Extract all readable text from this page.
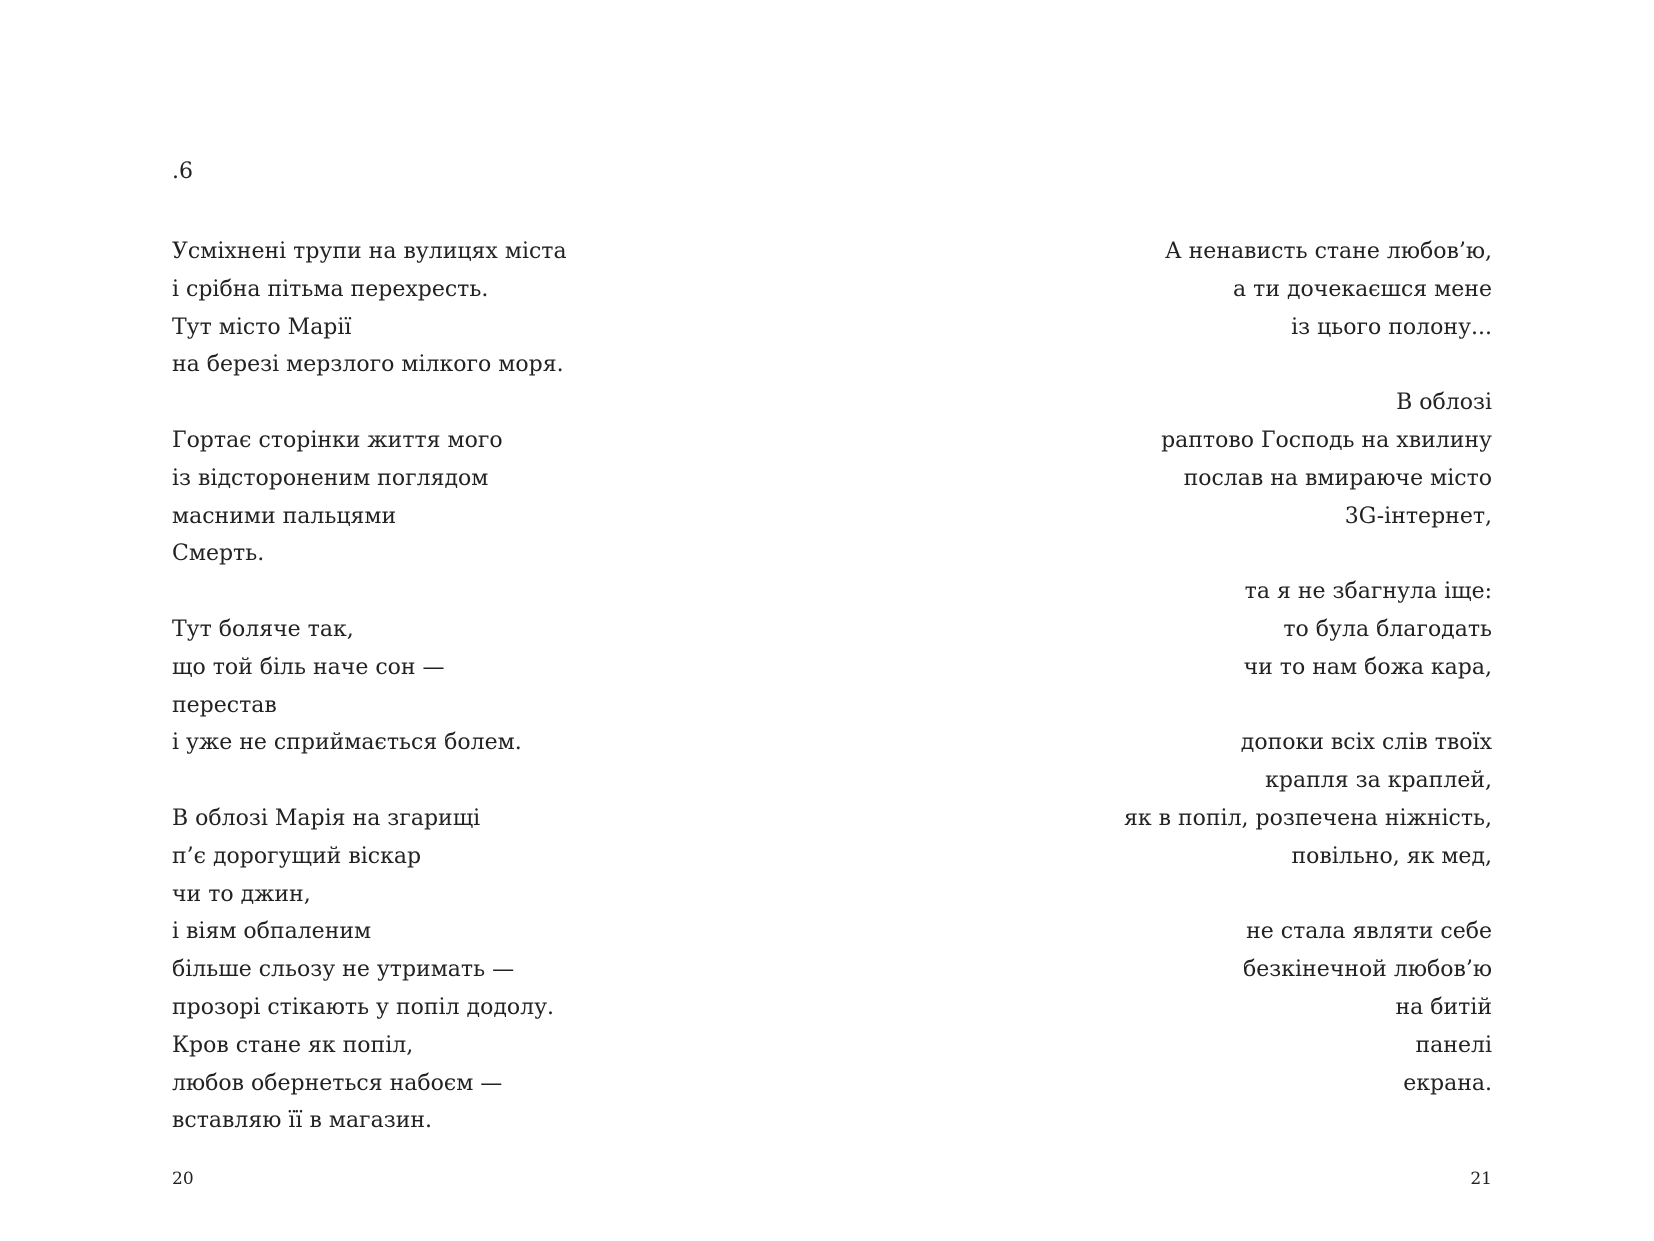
.6
Усміхнені трупи на вулицях міста
і срібна пітьма перехресть.
Тут місто Марії
на березі мерзлого мілкого моря.
Гортає сторінки життя мого
із відстороненим поглядом
масними пальцями
Смерть.
Тут боляче так,
що той біль наче сон —
перестав
і уже не сприймається болем.
В облозі Марія на згарищі
п’є дорогущий віскар
чи то джин,
і віям обпаленим
більше сльозу не утримать —
прозорі стікають у попіл додолу.
Кров стане як попіл,
любов обернеться набоєм —
вставляю її в магазин.
20
А ненависть стане любов’ю,
а ти дочекаєшся мене
із цього полону...
В облозі
раптово Господь на хвилину
послав на вмираюче місто
3G-інтернет,
та я не збагнула іще:
то була благодать
чи то нам божа кара,
допоки всіх слів твоїх
крапля за краплей,
як в попіл, розпечена ніжність,
повільно, як мед,
не стала являти себе
безкінечной любов’ю
на битій
панелі
екрана.
21
